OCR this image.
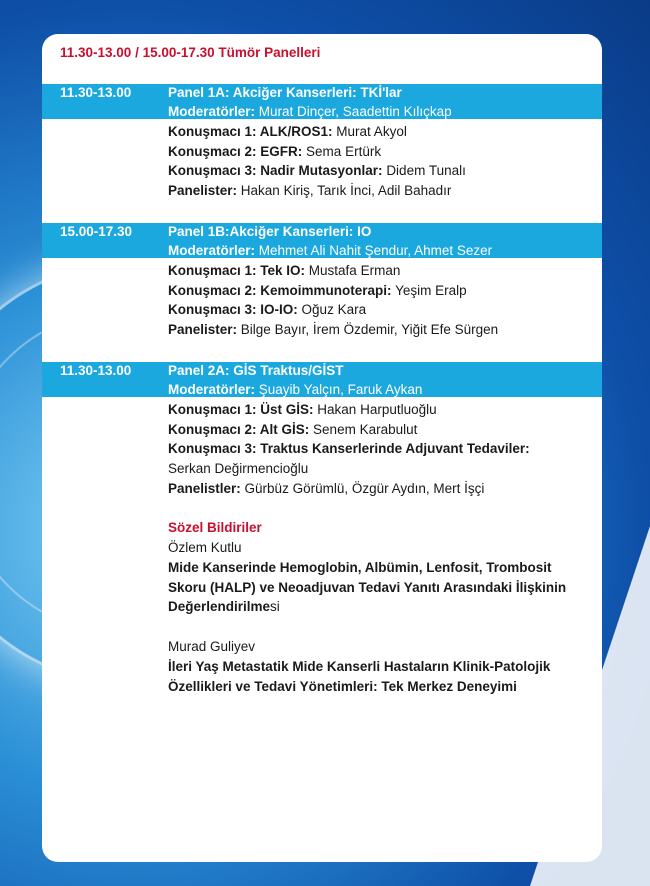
11.30-13.00 / 15.00-17.30 Tümör Panelleri
11.30-13.00	Panel 1A: Akciğer Kanserleri: TKİ'lar
Moderatörler: Murat Dinçer, Saadettin Kılıçkap
Konuşmacı 1: ALK/ROS1: Murat Akyol
Konuşmacı 2: EGFR: Sema Ertürk
Konuşmacı 3: Nadir Mutasyonlar: Didem Tunalı
Panelister: Hakan Kiriş, Tarık İnci, Adil Bahadır
15.00-17.30	Panel 1B:Akciğer Kanserleri: IO
Moderatörler: Mehmet Ali Nahit Şendur, Ahmet Sezer
Konuşmacı 1: Tek IO: Mustafa Erman
Konuşmacı 2: Kemoimmunoterapi: Yeşim Eralp
Konuşmacı 3: IO-IO: Oğuz Kara
Panelister: Bilge Bayır, İrem Özdemir, Yiğit Efe Sürgen
11.30-13.00	Panel 2A: GİS Traktus/GİST
Moderatörler: Şuayib Yalçın, Faruk Aykan
Konuşmacı 1: Üst GİS: Hakan Harputluoğlu
Konuşmacı 2: Alt GİS: Senem Karabulut
Konuşmacı 3: Traktus Kanserlerinde Adjuvant Tedaviler:
Serkan Değirmencioğlu
Panelistler: Gürbüz Görümlü, Özgür Aydın, Mert İşçi
Sözel Bildiriler
Özlem Kutlu
Mide Kanserinde Hemoglobin, Albümin, Lenfosit, Trombosit
Skoru (HALP) ve Neoadjuvan Tedavi Yanıtı Arasındaki İlişkinin
Değerlendirilmesi
Murad Guliyev
İleri Yaş Metastatik Mide Kanserli Hastaların Klinik-Patolojik
Özellikleri ve Tedavi Yönetimleri: Tek Merkez Deneyimi
